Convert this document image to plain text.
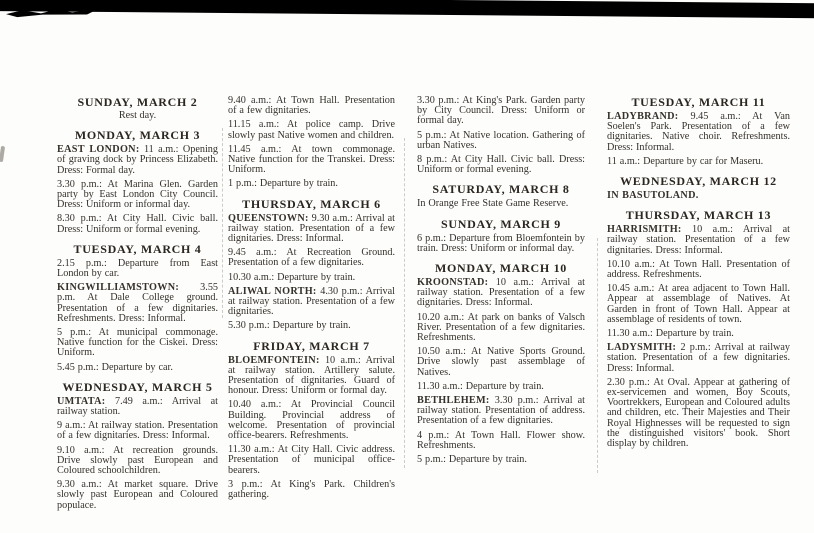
SUNDAY, MARCH 2

Rest day.

MONDAY, MARCH 3

EAST LONDON: 11 a.m.: Opening of graving dock by Princess Elizabeth. Dress: Formal day.

3.30 p.m.: At Marina Glen. Garden party by East London City Council. Dress: Uniform or informal day.

8.30 p.m.: At City Hall. Civic ball. Dress: Uniform or formal evening.

TUESDAY, MARCH 4

2.15 p.m.: Departure from East London by car.

KINGWILLIAMSTOWN: 3.55 p.m. At Dale College ground. Presentation of a few dignitaries. Refreshments. Dress: Informal.

5 p.m.: At municipal commonage. Native function for the Ciskei. Dress: Uniform.

5.45 p.m.: Departure by car.

WEDNESDAY, MARCH 5

UMTATA: 7.49 a.m.: Arrival at railway station.

9 a.m.: At railway station. Presentation of a few dignitaries. Dress: Informal.

9.10 a.m.: At recreation grounds. Drive slowly past European and Coloured schoolchildren.

9.30 a.m.: At market square. Drive slowly past European and Coloured populace.

9.40 a.m.: At Town Hall. Presentation of a few dignitaries.

11.15 a.m.: At police camp. Drive slowly past Native women and children.

11.45 a.m.: At town commonage. Native function for the Transkei. Dress: Uniform.

1 p.m.: Departure by train.

THURSDAY, MARCH 6

QUEENSTOWN: 9.30 a.m.: Arrival at railway station. Presentation of a few dignitaries. Dress: Informal.

9.45 a.m.: At Recreation Ground. Presentation of a few dignitaries.

10.30 a.m.: Departure by train.

ALIWAL NORTH: 4.30 p.m.: Arrival at railway station. Presentation of a few dignitaries.

5.30 p.m.: Departure by train.

FRIDAY, MARCH 7

BLOEMFONTEIN: 10 a.m.: Arrival at railway station. Artillery salute. Presentation of dignitaries. Guard of honour. Dress: Uniform or formal day.

10.40 a.m.: At Provincial Council Building. Provincial address of welcome. Presentation of provincial office-bearers. Refreshments.

11.30 a.m.: At City Hall. Civic address. Presentation of municipal office-bearers.

3 p.m.: At King's Park. Children's gathering.

3.30 p.m.: At King's Park. Garden party by City Council. Dress: Uniform or formal day.

5 p.m.: At Native location. Gathering of urban Natives.

8 p.m.: At City Hall. Civic ball. Dress: Uniform or formal evening.

SATURDAY, MARCH 8

In Orange Free State Game Reserve.

SUNDAY, MARCH 9

6 p.m.: Departure from Bloemfontein by train. Dress: Uniform or informal day.

MONDAY, MARCH 10

KROONSTAD: 10 a.m.: Arrival at railway station. Presentation of a few dignitaries. Dress: Informal.

10.20 a.m.: At park on banks of Valsch River. Presentation of a few dignitaries. Refreshments.

10.50 a.m.: At Native Sports Ground. Drive slowly past assemblage of Natives.

11.30 a.m.: Departure by train.

BETHLEHEM: 3.30 p.m.: Arrival at railway station. Presentation of address. Presentation of a few dignitaries.

4 p.m.: At Town Hall. Flower show. Refreshments.

5 p.m.: Departure by train.

TUESDAY, MARCH 11

LADYBRAND: 9.45 a.m.: At Van Soelen's Park. Presentation of a few dignitaries. Native choir. Refreshments. Dress: Informal.

11 a.m.: Departure by car for Maseru.

WEDNESDAY, MARCH 12

IN BASUTOLAND.

THURSDAY, MARCH 13

HARRISMITH: 10 a.m.: Arrival at railway station. Presentation of a few dignitaries. Dress: Informal.

10.10 a.m.: At Town Hall. Presentation of address. Refreshments.

10.45 a.m.: At area adjacent to Town Hall. Appear at assemblage of Natives. At Garden in front of Town Hall. Appear at assemblage of residents of town.

11.30 a.m.: Departure by train.

LADYSMITH: 2 p.m.: Arrival at railway station. Presentation of a few dignitaries. Dress: Informal.

2.30 p.m.: At Oval. Appear at gathering of ex-servicemen and women, Boy Scouts, Voortrekkers, European and Coloured adults and children, etc. Their Majesties and Their Royal Highnesses will be requested to sign the distinguished visitors' book. Short display by children.
